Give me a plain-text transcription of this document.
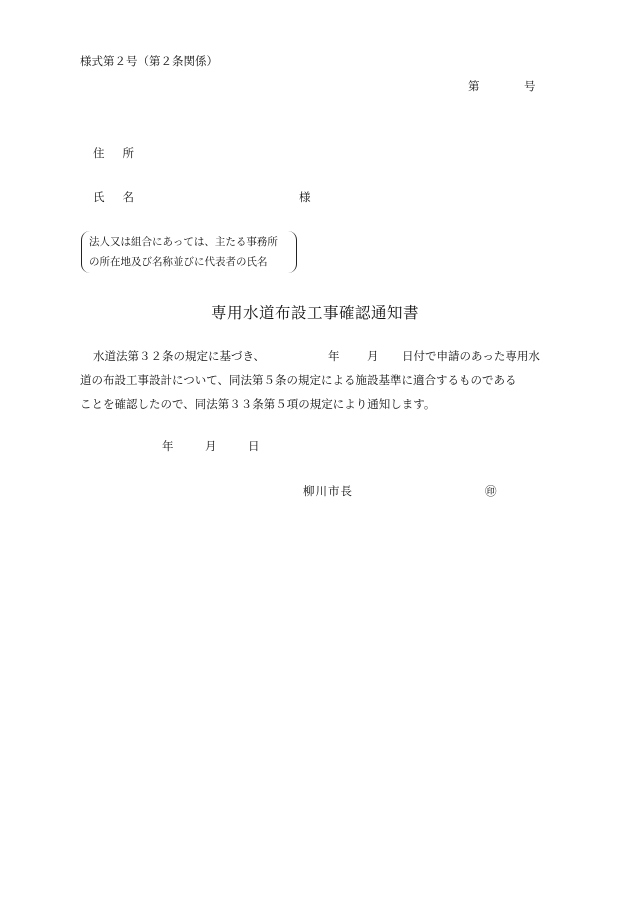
様式第２号（第２条関係）
第	号
住所
氏名	様
法人又は組合にあっては、主たる事務所
の所在地及び名称並びに代表者の氏名
専用水道布設工事確認通知書
水道法第３２条の規定に基づき、	年 月 日付で申請のあった専用水
道の布設工事設計について、同法第５条の規定による施設基準に適合するものである
ことを確認したので、同法第３３条第５項の規定により通知します。
年	月	日
柳川市長	㊞
